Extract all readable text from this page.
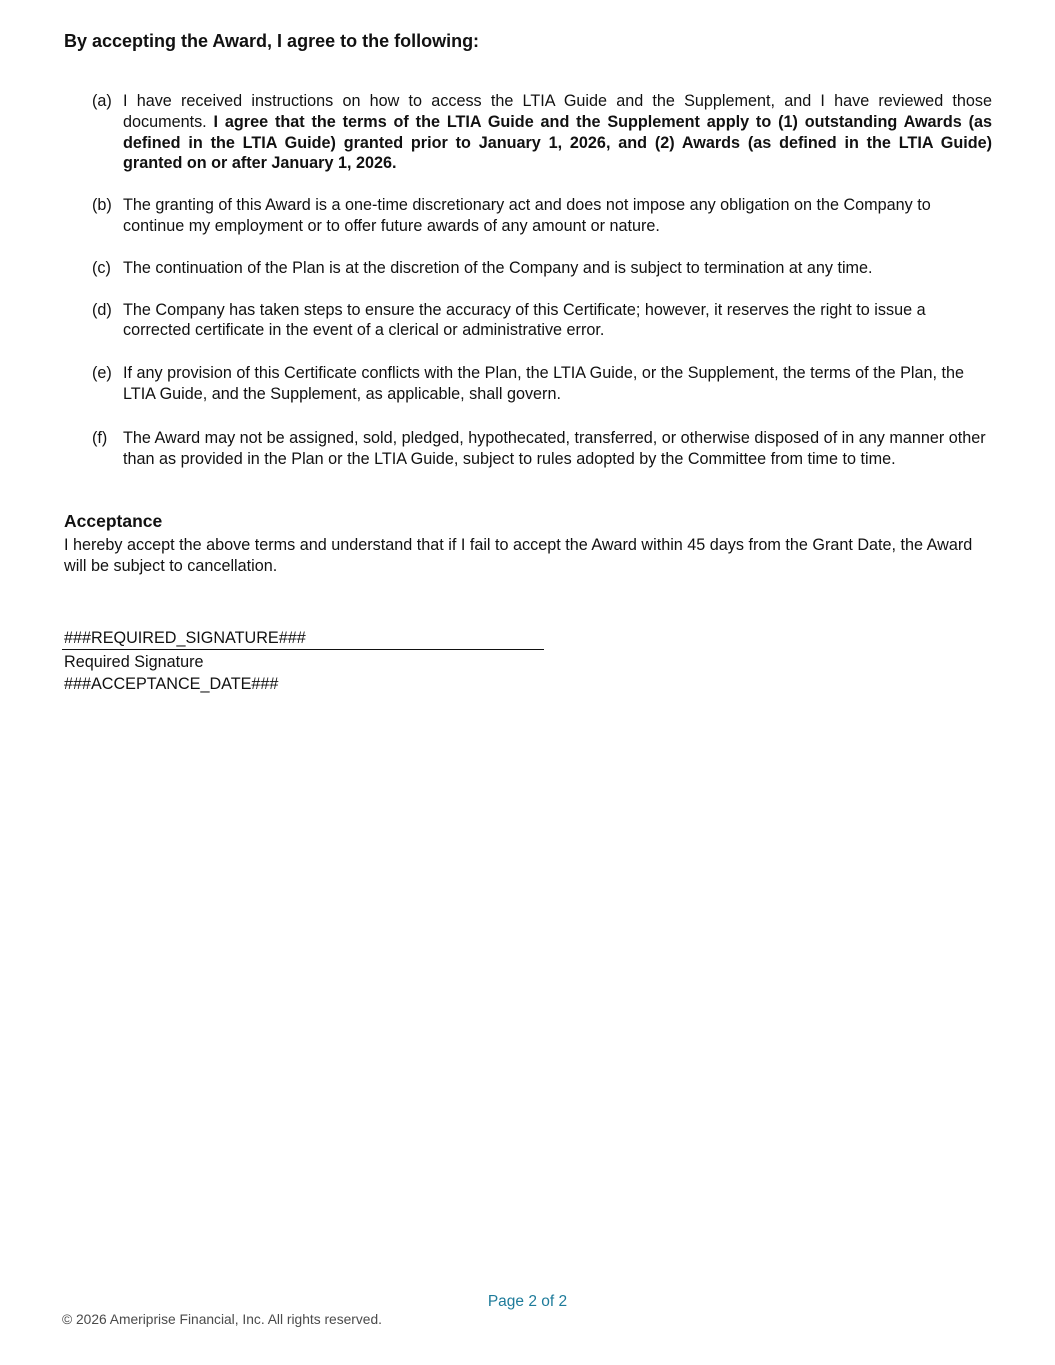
By accepting the Award, I agree to the following:
(a) I have received instructions on how to access the LTIA Guide and the Supplement, and I have reviewed those documents. I agree that the terms of the LTIA Guide and the Supplement apply to (1) outstanding Awards (as defined in the LTIA Guide) granted prior to January 1, 2026, and (2) Awards (as defined in the LTIA Guide) granted on or after January 1, 2026.
(b) The granting of this Award is a one-time discretionary act and does not impose any obligation on the Company to continue my employment or to offer future awards of any amount or nature.
(c) The continuation of the Plan is at the discretion of the Company and is subject to termination at any time.
(d) The Company has taken steps to ensure the accuracy of this Certificate; however, it reserves the right to issue a corrected certificate in the event of a clerical or administrative error.
(e) If any provision of this Certificate conflicts with the Plan, the LTIA Guide, or the Supplement, the terms of the Plan, the LTIA Guide, and the Supplement, as applicable, shall govern.
(f) The Award may not be assigned, sold, pledged, hypothecated, transferred, or otherwise disposed of in any manner other than as provided in the Plan or the LTIA Guide, subject to rules adopted by the Committee from time to time.
Acceptance

I hereby accept the above terms and understand that if I fail to accept the Award within 45 days from the Grant Date, the Award will be subject to cancellation.

###REQUIRED_SIGNATURE###
Required Signature
###ACCEPTANCE_DATE###
Page 2 of 2
© 2026 Ameriprise Financial, Inc. All rights reserved.
